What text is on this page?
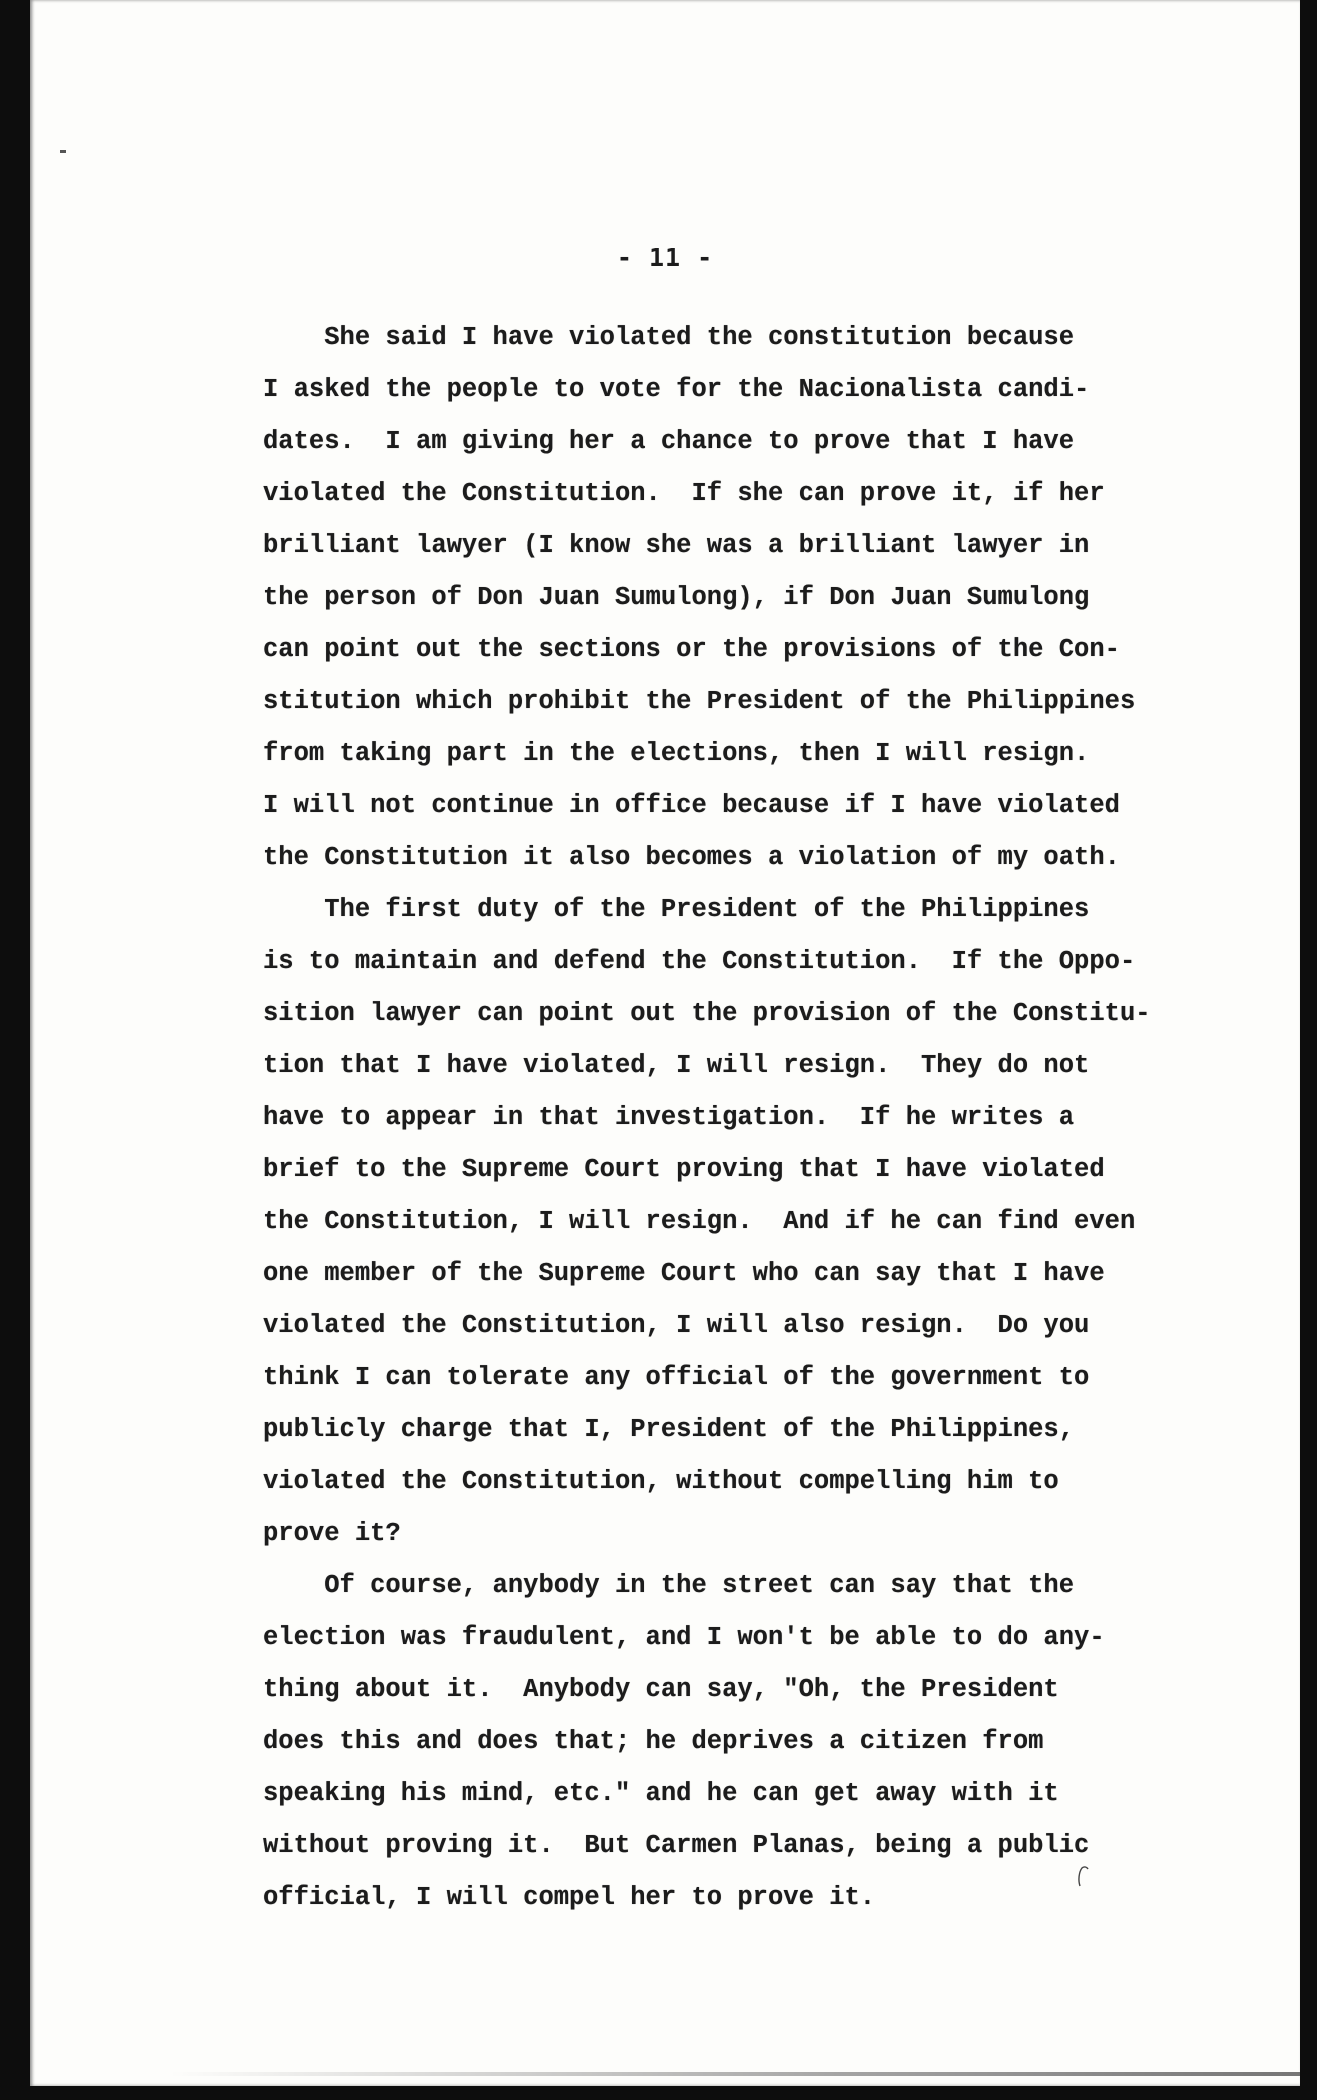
- 11 -
She said I have violated the constitution because
I asked the people to vote for the Nacionalista candi-
dates.  I am giving her a chance to prove that I have
violated the Constitution.  If she can prove it, if her
brilliant lawyer (I know she was a brilliant lawyer in
the person of Don Juan Sumulong), if Don Juan Sumulong
can point out the sections or the provisions of the Con-
stitution which prohibit the President of the Philippines
from taking part in the elections, then I will resign.
I will not continue in office because if I have violated
the Constitution it also becomes a violation of my oath.
The first duty of the President of the Philippines
is to maintain and defend the Constitution.  If the Oppo-
sition lawyer can point out the provision of the Constitu-
tion that I have violated, I will resign.  They do not
have to appear in that investigation.  If he writes a
brief to the Supreme Court proving that I have violated
the Constitution, I will resign.  And if he can find even
one member of the Supreme Court who can say that I have
violated the Constitution, I will also resign.  Do you
think I can tolerate any official of the government to
publicly charge that I, President of the Philippines,
violated the Constitution, without compelling him to
prove it?
Of course, anybody in the street can say that the
election was fraudulent, and I won't be able to do any-
thing about it.  Anybody can say, "Oh, the President
does this and does that; he deprives a citizen from
speaking his mind, etc." and he can get away with it
without proving it.  But Carmen Planas, being a public
official, I will compel her to prove it.
